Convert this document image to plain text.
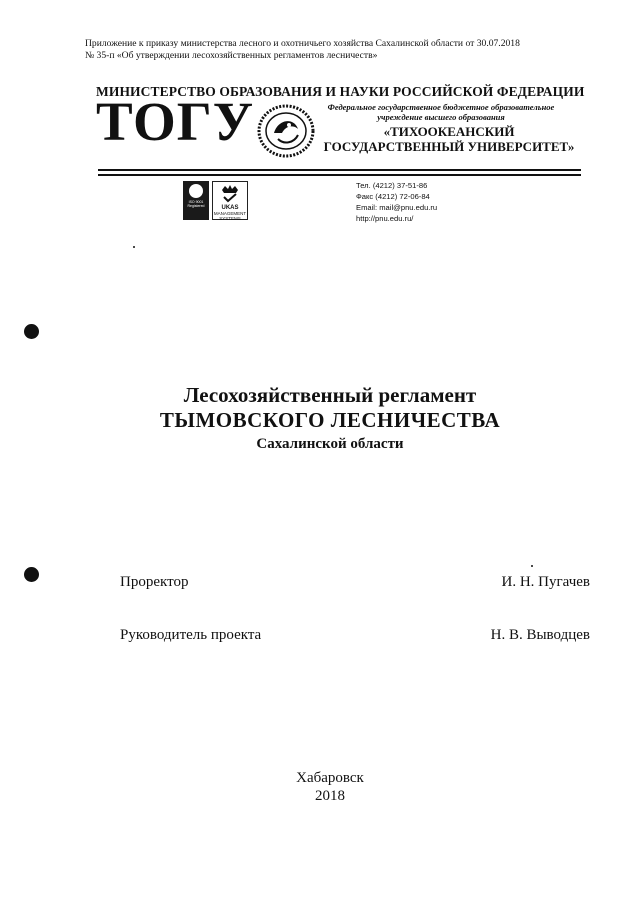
Приложение к приказу министерства лесного и охотничьего хозяйства Сахалинской области от 30.07.2018
№ 35-п «Об утверждении лесохозяйственных регламентов лесничеств»
МИНИСТЕРСТВО ОБРАЗОВАНИЯ И НАУКИ РОССИЙСКОЙ ФЕДЕРАЦИИ
ТОГУ	Федеральное государственное бюджетное образовательное
учреждение высшего образования
«ТИХООКЕАНСКИЙ
ГОСУДАРСТВЕННЫЙ УНИВЕРСИТЕТ»
ISO 9001
Registered	UKAS
MANAGEMENT SYSTEMS
Тел. (4212) 37-51-86
Факс (4212) 72-06-84
Email: mail@pnu.edu.ru
http://pnu.edu.ru/
Лесохозяйственный регламент
ТЫМОВСКОГО ЛЕСНИЧЕСТВА
Сахалинской области
Проректор	И. Н. Пугачев
Руководитель проекта	Н. В. Выводцев
Хабаровск
2018
